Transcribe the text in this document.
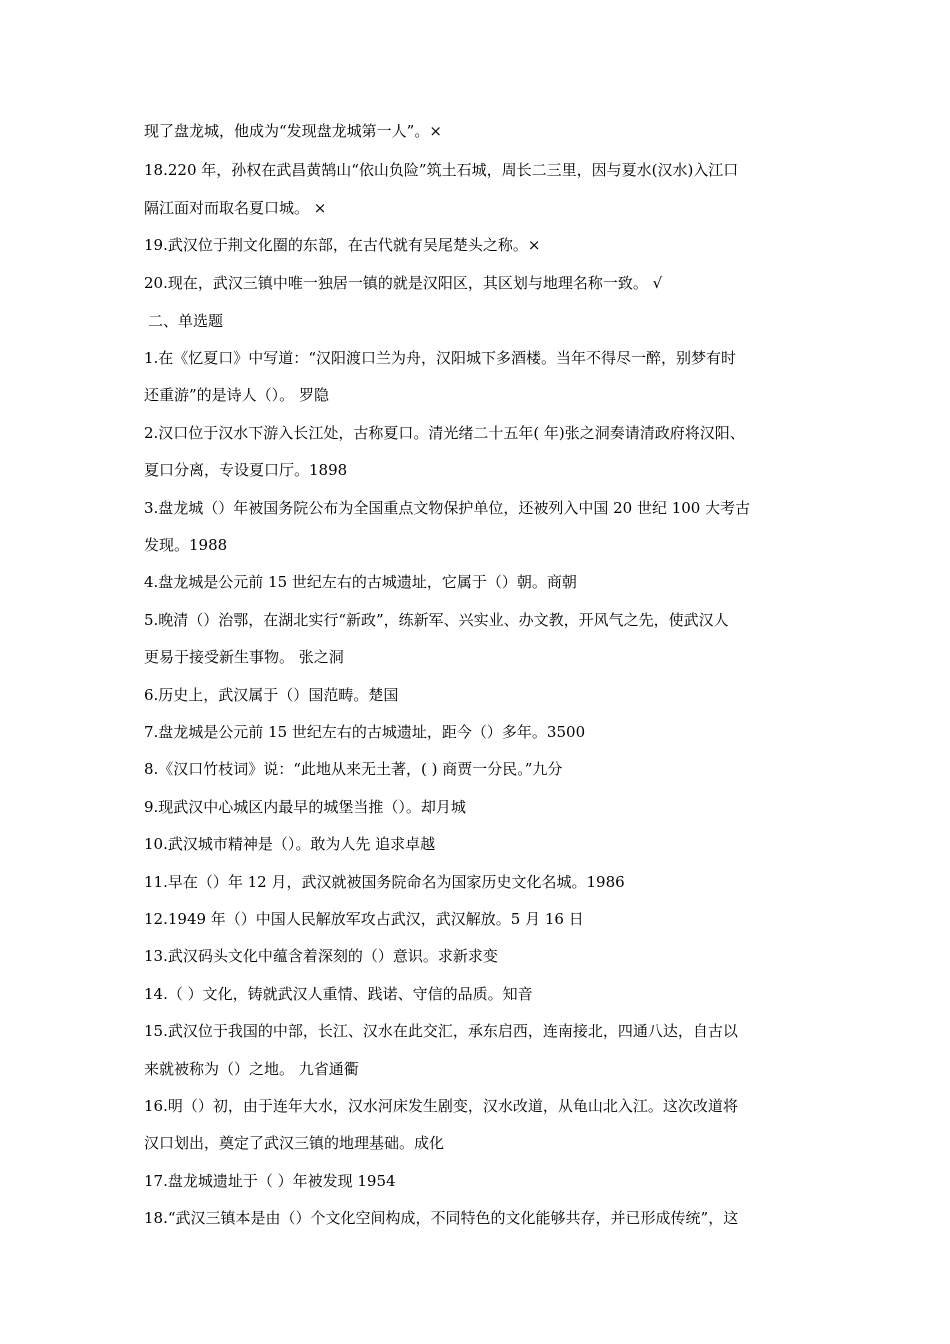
现了盘龙城，他成为“发现盘龙城第一人”。×
18.220 年，孙权在武昌黄鹄山“依山负险”筑土石城，周长二三里，因与夏水(汉水)入江口
隔江面对而取名夏口城。 ×
19.武汉位于荆文化圈的东部，在古代就有吴尾楚头之称。×
20.现在，武汉三镇中唯一独居一镇的就是汉阳区，其区划与地理名称一致。 √
二、单选题
1.在《忆夏口》中写道：“汉阳渡口兰为舟，汉阳城下多酒楼。当年不得尽一醉，别梦有时
还重游”的是诗人（）。 罗隐
2.汉口位于汉水下游入长江处，古称夏口。清光绪二十五年( 年)张之洞奏请清政府将汉阳、
夏口分离，专设夏口厅。1898
3.盘龙城（）年被国务院公布为全国重点文物保护单位，还被列入中国 20 世纪 100 大考古
发现。1988
4.盘龙城是公元前 15 世纪左右的古城遗址，它属于（）朝。商朝
5.晚清（）治鄂，在湖北实行“新政”，练新军、兴实业、办文教，开风气之先，使武汉人
更易于接受新生事物。 张之洞
6.历史上，武汉属于（）国范畴。楚国
7.盘龙城是公元前 15 世纪左右的古城遗址，距今（）多年。3500
8.《汉口竹枝词》说：“此地从来无土著，( ) 商贾一分民。”九分
9.现武汉中心城区内最早的城堡当推（）。却月城
10.武汉城市精神是（）。敢为人先 追求卓越
11.早在（）年 12 月，武汉就被国务院命名为国家历史文化名城。1986
12.1949 年（）中国人民解放军攻占武汉，武汉解放。5 月 16 日
13.武汉码头文化中蕴含着深刻的（）意识。求新求变
14.（ ）文化，铸就武汉人重情、践诺、守信的品质。知音
15.武汉位于我国的中部，长江、汉水在此交汇，承东启西，连南接北，四通八达，自古以
来就被称为（）之地。 九省通衢
16.明（）初，由于连年大水，汉水河床发生剧变，汉水改道，从龟山北入江。这次改道将
汉口划出，奠定了武汉三镇的地理基础。成化
17.盘龙城遗址于（ ）年被发现 1954
18.“武汉三镇本是由（）个文化空间构成，不同特色的文化能够共存，并已形成传统”，这
